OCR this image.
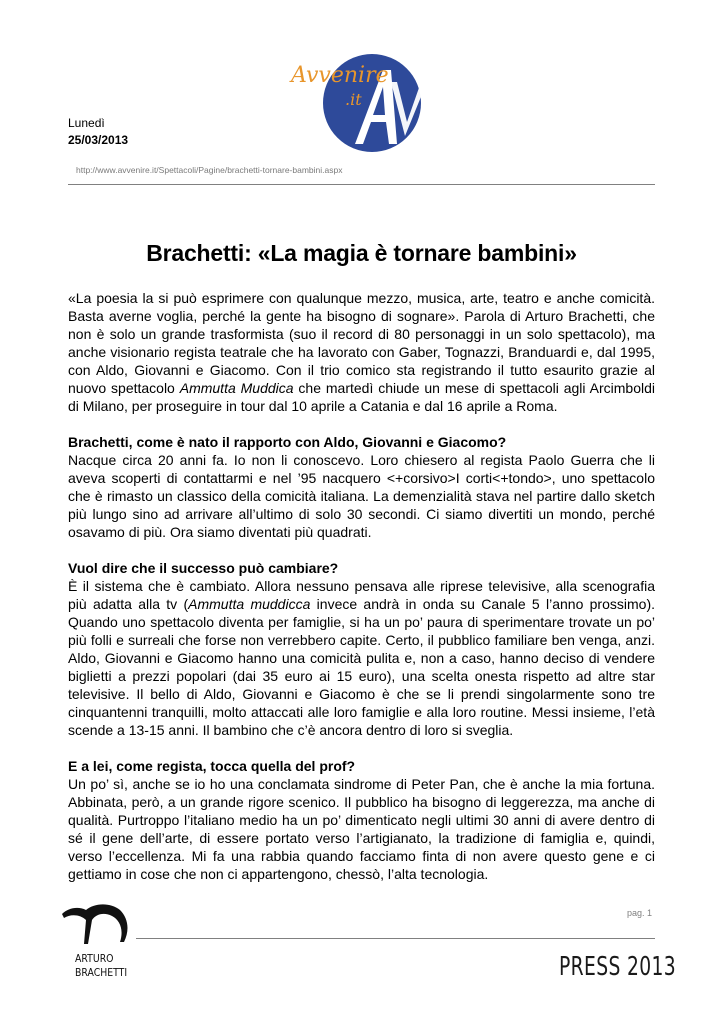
Lunedì
25/03/2013
Avvenire
.it
http://www.avvenire.it/Spettacoli/Pagine/brachetti-tornare-bambini.aspx
Brachetti: «La magia è tornare bambini»
«La poesia la si può esprimere con qualunque mezzo, musica, arte, teatro e anche comicità. Basta averne voglia, perché la gente ha bisogno di sognare». Parola di Arturo Brachetti, che non è solo un grande trasformista (suo il record di 80 personaggi in un solo spettacolo), ma anche visionario regista teatrale che ha lavorato con Gaber, Tognazzi, Branduardi e, dal 1995, con Aldo, Giovanni e Giacomo. Con il trio comico sta registrando il tutto esaurito grazie al nuovo spettacolo Ammutta Muddica che martedì chiude un mese di spettacoli agli Arcimboldi di Milano, per proseguire in tour dal 10 aprile a Catania e dal 16 aprile a Roma.

Brachetti, come è nato il rapporto con Aldo, Giovanni e Giacomo?

Nacque circa 20 anni fa. Io non li conoscevo. Loro chiesero al regista Paolo Guerra che li aveva scoperti di contattarmi e nel ’95 nacquero <+corsivo>I corti<+tondo>, uno spettacolo che è rimasto un classico della comicità italiana. La demenzialità stava nel partire dallo sketch più lungo sino ad arrivare all’ultimo di solo 30 secondi. Ci siamo divertiti un mondo, perché osavamo di più. Ora siamo diventati più quadrati.

Vuol dire che il successo può cambiare?

È il sistema che è cambiato. Allora nessuno pensava alle riprese televisive, alla scenografia più adatta alla tv (Ammutta muddicca invece andrà in onda su Canale 5 l’anno prossimo). Quando uno spettacolo diventa per famiglie, si ha un po’ paura di sperimentare trovate un po’ più folli e surreali che forse non verrebbero capite. Certo, il pubblico familiare ben venga, anzi. Aldo, Giovanni e Giacomo hanno una comicità pulita e, non a caso, hanno deciso di vendere biglietti a prezzi popolari (dai 35 euro ai 15 euro), una scelta onesta rispetto ad altre star televisive. Il bello di Aldo, Giovanni e Giacomo è che se li prendi singolarmente sono tre cinquantenni tranquilli, molto attaccati alle loro famiglie e alla loro routine. Messi insieme, l’età scende a 13-15 anni. Il bambino che c’è ancora dentro di loro si sveglia.

E a lei, come regista, tocca quella del prof?

Un po’ sì, anche se io ho una conclamata sindrome di Peter Pan, che è anche la mia fortuna. Abbinata, però, a un grande rigore scenico. Il pubblico ha bisogno di leggerezza, ma anche di qualità. Purtroppo l’italiano medio ha un po’ dimenticato negli ultimi 30 anni di avere dentro di sé il gene dell’arte, di essere portato verso l’artigianato, la tradizione di famiglia e, quindi, verso l’eccellenza. Mi fa una rabbia quando facciamo finta di non avere questo gene e ci gettiamo in cose che non ci appartengono, chessò, l’alta tecnologia.

pag. 1
ARTURO
BRACHETTI	PRESS 2013
